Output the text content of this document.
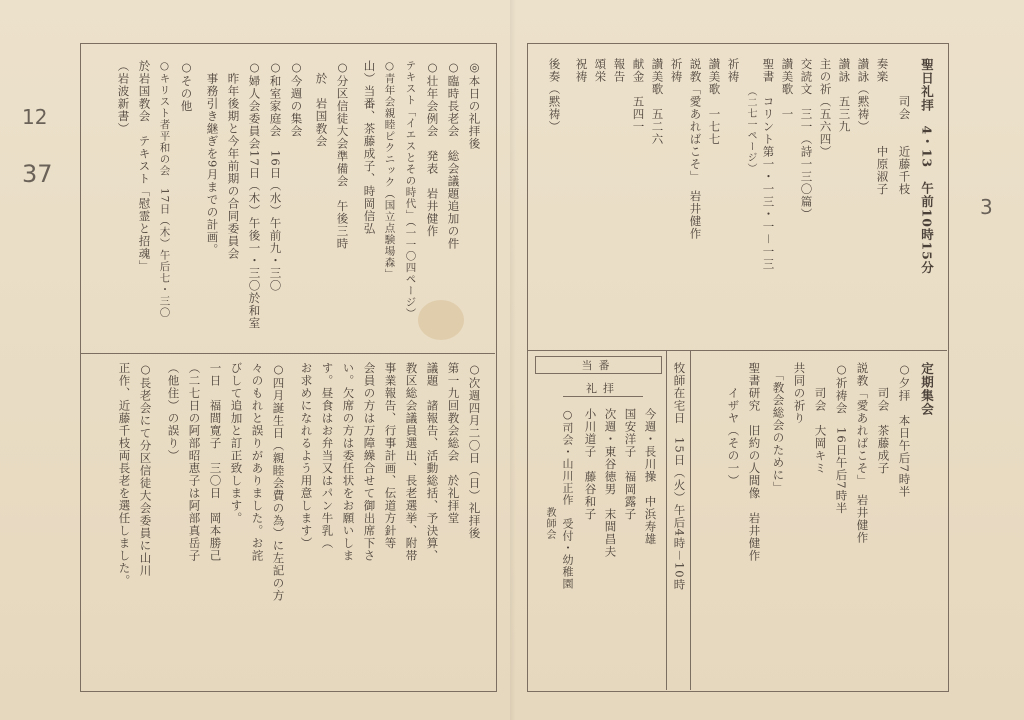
12
37
3
◎本日の礼拝後
○臨時長老会　総会議題追加の件
○壮年会例会　発表　岩井健作
テキスト「イエスとその時代」（一一〇四ページ）
○青年会親睦ピクニック（国立点験場森」
山）当番、茶藤成子、時岡信弘
○分区信徒大会準備会　午後三時
　於　岩国教会
○今週の集会
○和室家庭会　16日（水）午前九・三〇
○婦人会委員会17日（木）午後一・三〇於和室
　昨年後期と今年前期の合同委員会
　事務引き継ぎを9月までの計画。
○その他
○キリスト者平和の会　17日（木）午后七・三〇
於岩国教会　テキスト「慰霊と招魂」
（岩波新書）
○次週四月二〇日（日）礼拝後
第一九回教会総会　於礼拝堂
議題　諸報告、活動総括、予決算、
教区総会議員選出、長老選挙、附帯
事業報告、行事計画、伝道方針等
会員の方は万障繰合せて御出席下さ
い。欠席の方は委任状をお願いしま
す。昼食はお弁当又はパン牛乳（
お求めになれるよう用意します）
○四月誕生日（親睦会費の為）に左記の方
々のもれと誤りがありました。お詫
びして追加と訂正致します。
一日　福間寛子　三〇日　岡本勝己
（二七日の阿部昭恵子は阿部真岳子
（他住）の誤り）
○長老会にて分区信徒大会委員に山川
正作、近藤千枝両長老を選任しました。
聖日礼拝　4・13　午前10時15分
　　　司会　　近藤千枝
奏楽　　　　　中原淑子
讃詠（黙祷）
讃詠　五三九
主の祈（五六四）
交読文　三一（詩一三〇篇）
讃美歌　一
聖書　コリント第一・一三・一－一三
　　　（二七一ページ）
祈祷
讃美歌　一七七
説教「愛あればこそ」　岩井健作
祈祷
讃美歌　五二六
献金　五四一
報告
頌栄
祝祷
後奏（黙祷）
定期集会
○夕拝　本日午后7時半
　　司会　茶藤成子
説教「愛あればこそ」　岩井健作
○祈祷会　16日午后7時半
　　司会　大岡キミ
共同の祈り
　「教会総会のために」
聖書研究　旧約の人間像　岩井健作
　　イザヤ（その一）
牧師在宅日　15日（火）午后4時－10時
当番
礼拝
今週・長川操　中浜寿雄
国安洋子　福岡露子
次週・東谷徳男　末間昌夫
小川道子　藤谷和子
○司会・山川正作　受付・幼稚園
　　　　　　　　　教師会
